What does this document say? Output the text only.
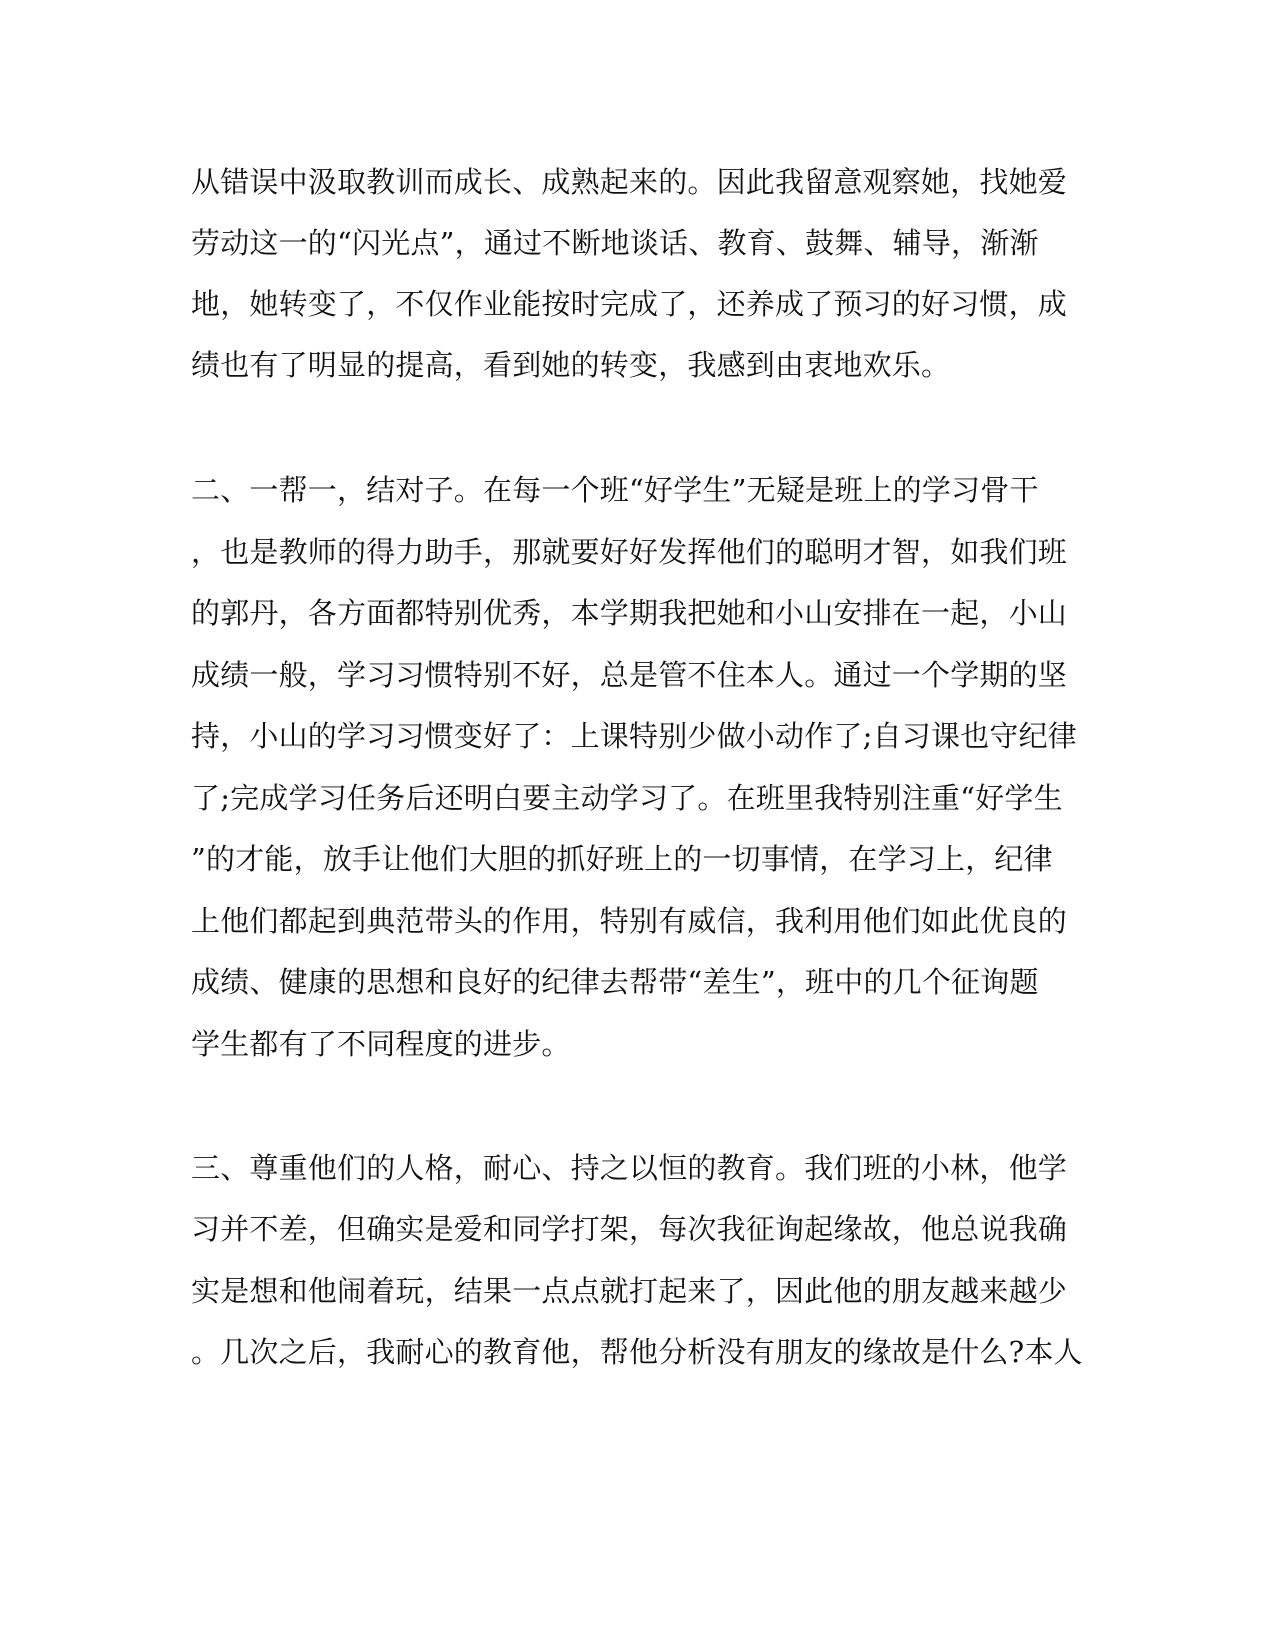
从错误中汲取教训而成长、成熟起来的。因此我留意观察她，找她爱
劳动这一的“闪光点”，通过不断地谈话、教育、鼓舞、辅导，渐渐
地，她转变了，不仅作业能按时完成了，还养成了预习的好习惯，成
绩也有了明显的提高，看到她的转变，我感到由衷地欢乐。
二、一帮一，结对子。在每一个班“好学生”无疑是班上的学习骨干
，也是教师的得力助手，那就要好好发挥他们的聪明才智，如我们班
的郭丹，各方面都特别优秀，本学期我把她和小山安排在一起，小山
成绩一般，学习习惯特别不好，总是管不住本人。通过一个学期的坚
持，小山的学习习惯变好了：上课特别少做小动作了;自习课也守纪律
了;完成学习任务后还明白要主动学习了。在班里我特别注重“好学生
”的才能，放手让他们大胆的抓好班上的一切事情，在学习上，纪律
上他们都起到典范带头的作用，特别有威信，我利用他们如此优良的
成绩、健康的思想和良好的纪律去帮带“差生”，班中的几个征询题
学生都有了不同程度的进步。
三、尊重他们的人格，耐心、持之以恒的教育。我们班的小林，他学
习并不差，但确实是爱和同学打架，每次我征询起缘故，他总说我确
实是想和他闹着玩，结果一点点就打起来了，因此他的朋友越来越少
。几次之后，我耐心的教育他，帮他分析没有朋友的缘故是什么?本人
